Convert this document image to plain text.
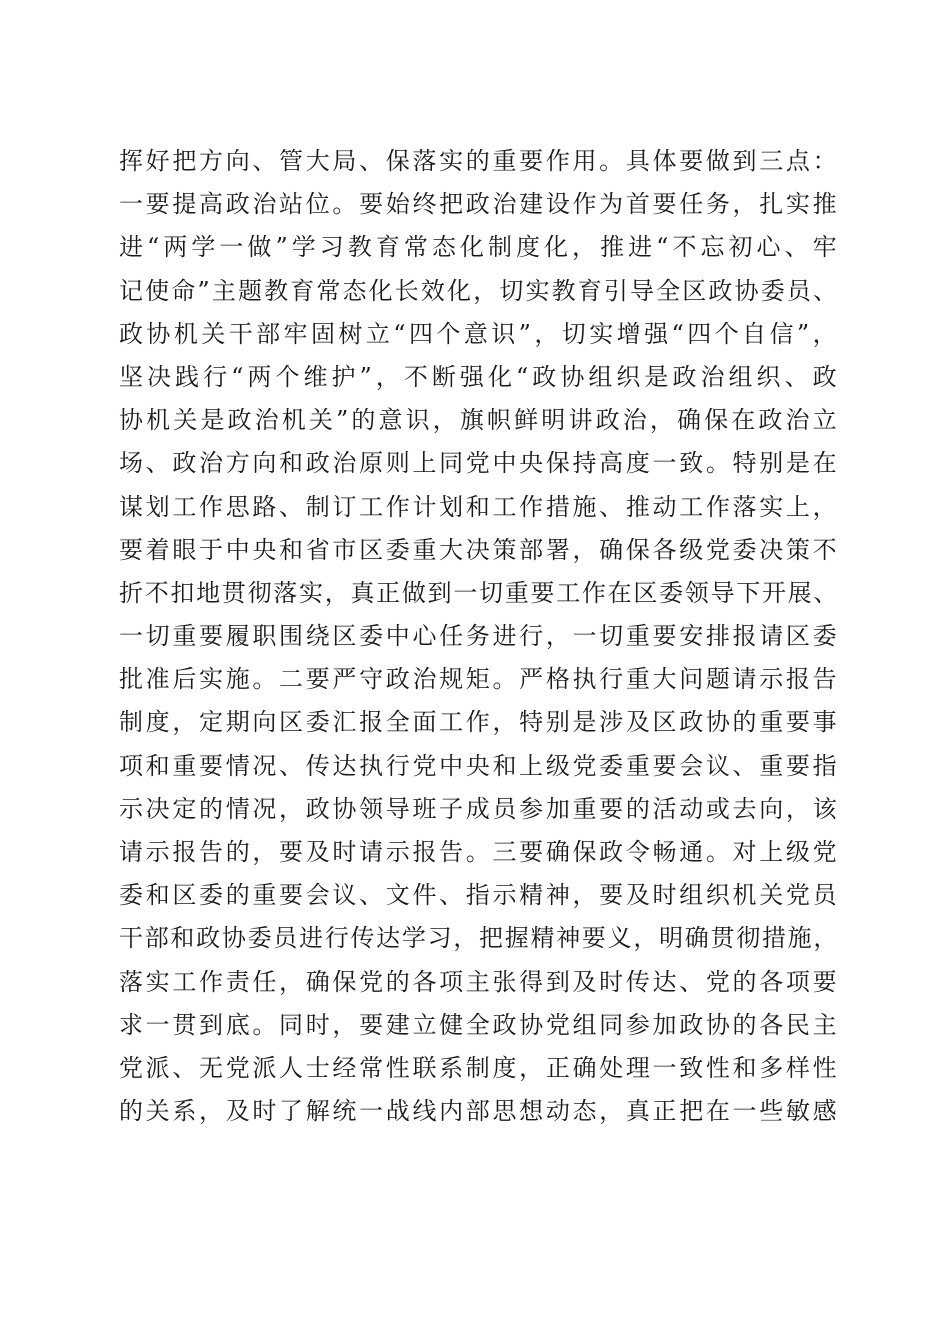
挥好把方向、管大局、保落实的重要作用。具体要做到三点：
一要提高政治站位。要始终把政治建设作为首要任务，扎实推
进“两学一做”学习教育常态化制度化，推进“不忘初心、牢
记使命”主题教育常态化长效化，切实教育引导全区政协委员、
政协机关干部牢固树立“四个意识”，切实增强“四个自信”，
坚决践行“两个维护”，不断强化“政协组织是政治组织、政
协机关是政治机关”的意识，旗帜鲜明讲政治，确保在政治立
场、政治方向和政治原则上同党中央保持高度一致。特别是在
谋划工作思路、制订工作计划和工作措施、推动工作落实上，
要着眼于中央和省市区委重大决策部署，确保各级党委决策不
折不扣地贯彻落实，真正做到一切重要工作在区委领导下开展、
一切重要履职围绕区委中心任务进行，一切重要安排报请区委
批准后实施。二要严守政治规矩。严格执行重大问题请示报告
制度，定期向区委汇报全面工作，特别是涉及区政协的重要事
项和重要情况、传达执行党中央和上级党委重要会议、重要指
示决定的情况，政协领导班子成员参加重要的活动或去向，该
请示报告的，要及时请示报告。三要确保政令畅通。对上级党
委和区委的重要会议、文件、指示精神，要及时组织机关党员
干部和政协委员进行传达学习，把握精神要义，明确贯彻措施，
落实工作责任，确保党的各项主张得到及时传达、党的各项要
求一贯到底。同时，要建立健全政协党组同参加政协的各民主
党派、无党派人士经常性联系制度，正确处理一致性和多样性
的关系，及时了解统一战线内部思想动态，真正把在一些敏感
